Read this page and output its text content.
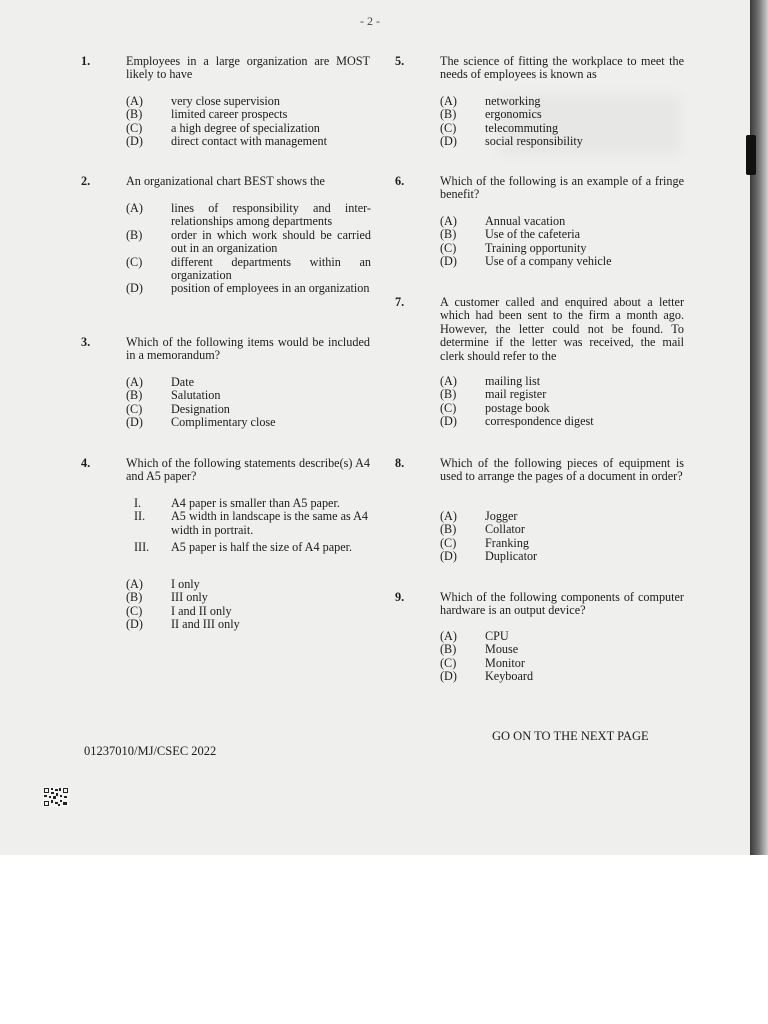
- 2 -
1.	Employees in a large organization are MOST likely to have

(A)	very close supervision
(B)	limited career prospects
(C)	a high degree of specialization
(D)	direct contact with management
2.	An organizational chart BEST shows the

(A)	lines of responsibility and inter-relationships among departments
(B)	order in which work should be carried out in an organization
(C)	different departments within an organization
(D)	position of employees in an organization
3.	Which of the following items would be included in a memorandum?

(A)	Date
(B)	Salutation
(C)	Designation
(D)	Complimentary close
4.	Which of the following statements describe(s) A4 and A5 paper?

I.	A4 paper is smaller than A5 paper.
II.	A5 width in landscape is the same as A4 width in portrait.
III.	A5 paper is half the size of A4 paper.
(A)	I only
(B)	III only
(C)	I and II only
(D)	II and III only
5.	The science of fitting the workplace to meet the needs of employees is known as

(A)	networking
(B)	ergonomics
(C)	telecommuting
(D)	social responsibility
6.	Which of the following is an example of a fringe benefit?

(A)	Annual vacation
(B)	Use of the cafeteria
(C)	Training opportunity
(D)	Use of a company vehicle
7.	A customer called and enquired about a letter which had been sent to the firm a month ago. However, the letter could not be found. To determine if the letter was received, the mail clerk should refer to the

(A)	mailing list
(B)	mail register
(C)	postage book
(D)	correspondence digest
8.	Which of the following pieces of equipment is used to arrange the pages of a document in order?

(A)	Jogger
(B)	Collator
(C)	Franking
(D)	Duplicator
9.	Which of the following components of computer hardware is an output device?

(A)	CPU
(B)	Mouse
(C)	Monitor
(D)	Keyboard
GO ON TO THE NEXT PAGE
01237010/MJ/CSEC 2022
